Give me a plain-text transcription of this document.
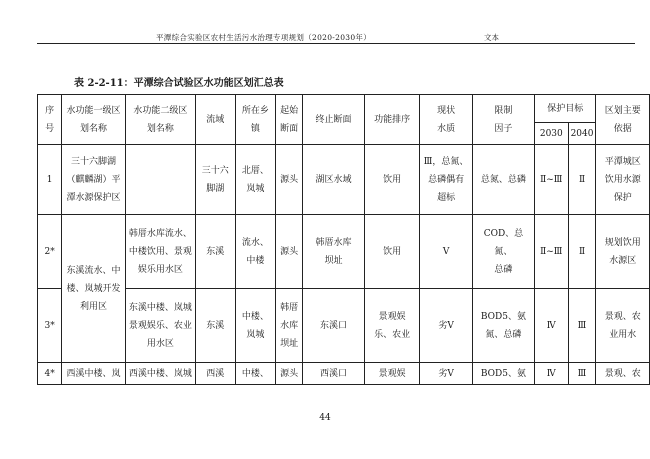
平潭综合实验区农村生活污水治理专项规划（2020-2030年）	文本
表 2-2-11：平潭综合试验区水功能区划汇总表
序
号	水功能一级区
划名称	水功能二级区
划名称	流域	所在乡
镇	起始
断面	终止断面	功能排序	现状
水质	限制
因子	保护目标		区划主要
依据
										2030	2040	
1	三十六脚湖
（麒麟湖）平
潭水源保护区		三十六
脚湖	北厝、
岚城	源头	湖区水域	饮用	Ⅲ，总氮、
总磷偶有
超标	总氮、总磷	Ⅱ~Ⅲ	Ⅱ	平潭城区
饮用水源
保护
2*	东溪流水、中
楼、岚城开发
利用区	韩厝水库流水、
中楼饮用、景观
娱乐用水区	东溪	流水、
中楼	源头	韩厝水库
坝址	饮用	Ⅴ	COD、总氮、
总磷	Ⅱ~Ⅲ	Ⅱ	规划饮用
水源区
3*		东溪中楼、岚城
景观娱乐、农业
用水区	东溪	中楼、
岚城	韩厝
水库
坝址	东溪口	景观娱
乐、农业	劣Ⅴ	BOD5、氨
氮、总磷	Ⅳ	Ⅲ	景观、农
业用水
4*	西溪中楼、岚	西溪中楼、岚城	西溪	中楼、	源头	西溪口	景观娱	劣Ⅴ	BOD5、氨	Ⅳ	Ⅲ	景观、农
44
